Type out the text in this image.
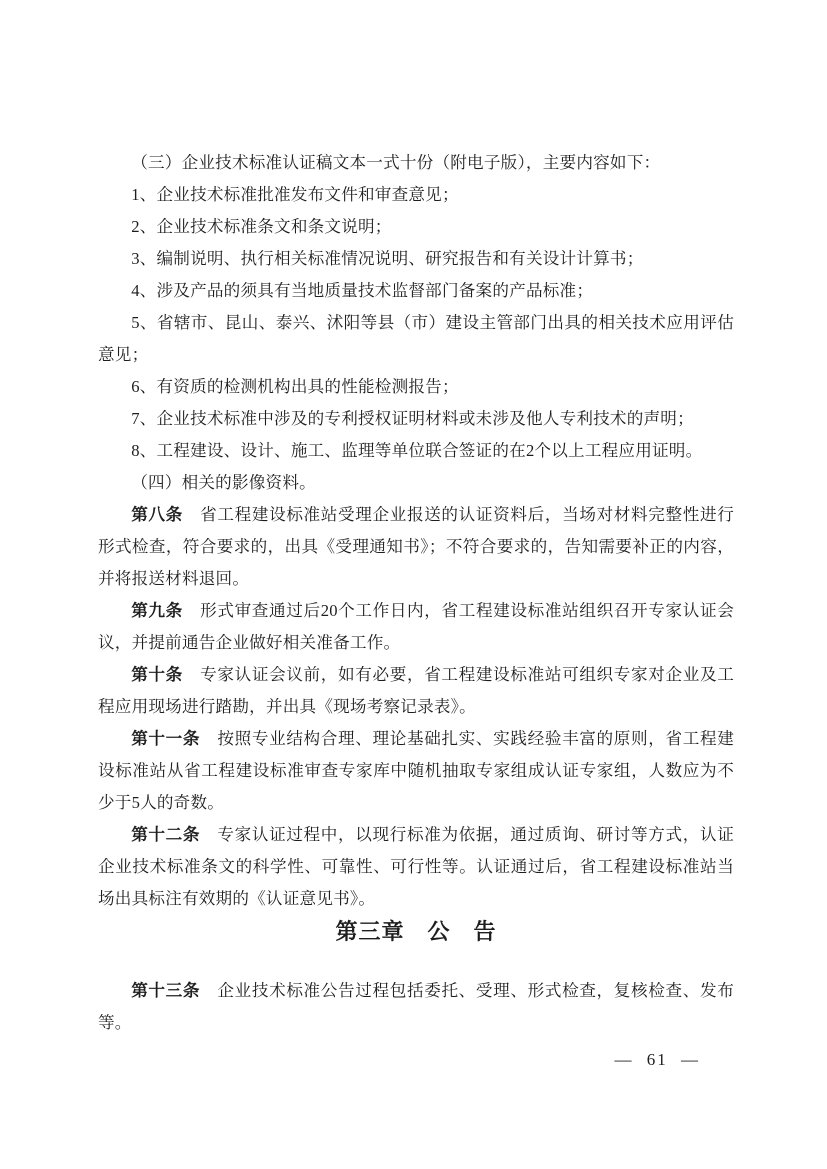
（三）企业技术标准认证稿文本一式十份（附电子版），主要内容如下：

1、企业技术标准批准发布文件和审查意见；

2、企业技术标准条文和条文说明；

3、编制说明、执行相关标准情况说明、研究报告和有关设计计算书；

4、涉及产品的须具有当地质量技术监督部门备案的产品标准；

5、省辖市、昆山、泰兴、沭阳等县（市）建设主管部门出具的相关技术应用评估意见；

6、有资质的检测机构出具的性能检测报告；

7、企业技术标准中涉及的专利授权证明材料或未涉及他人专利技术的声明；

8、工程建设、设计、施工、监理等单位联合签证的在2个以上工程应用证明。

（四）相关的影像资料。

第八条　省工程建设标准站受理企业报送的认证资料后，当场对材料完整性进行形式检查，符合要求的，出具《受理通知书》；不符合要求的，告知需要补正的内容，并将报送材料退回。

第九条　形式审查通过后20个工作日内，省工程建设标准站组织召开专家认证会议，并提前通告企业做好相关准备工作。

第十条　专家认证会议前，如有必要，省工程建设标准站可组织专家对企业及工程应用现场进行踏勘，并出具《现场考察记录表》。

第十一条　按照专业结构合理、理论基础扎实、实践经验丰富的原则，省工程建设标准站从省工程建设标准审查专家库中随机抽取专家组成认证专家组，人数应为不少于5人的奇数。

第十二条　专家认证过程中，以现行标准为依据，通过质询、研讨等方式，认证企业技术标准条文的科学性、可靠性、可行性等。认证通过后，省工程建设标准站当场出具标注有效期的《认证意见书》。

第三章　公　告

第十三条　企业技术标准公告过程包括委托、受理、形式检查，复核检查、发布等。

— 61 —
